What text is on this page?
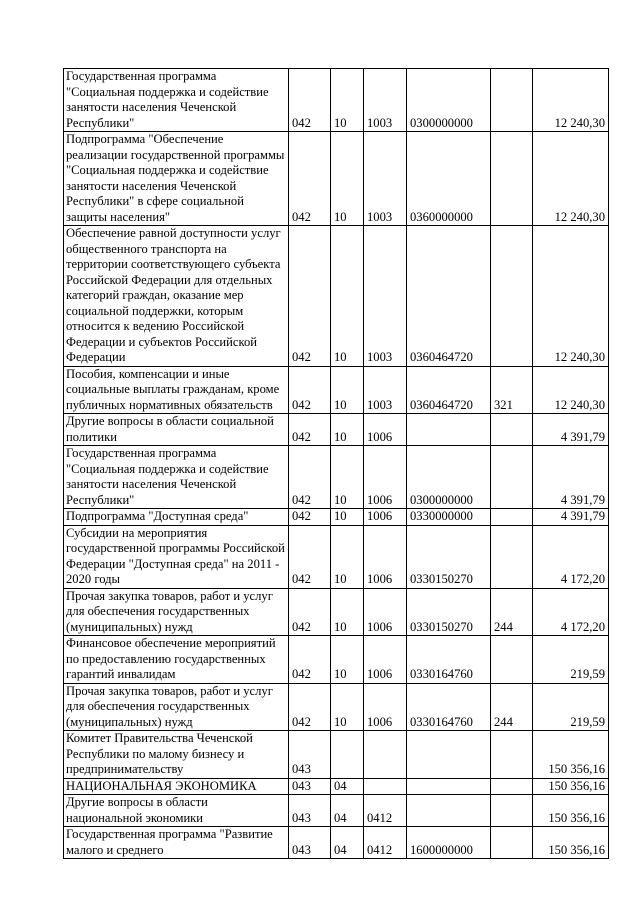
Государственная программа "Социальная поддержка и содействие занятости населения Чеченской Республики"	042	10	1003	0300000000		12 240,30
Подпрограмма "Обеспечение реализации государственной программы "Социальная поддержка и содействие занятости населения Чеченской Республики" в сфере социальной защиты населения"	042	10	1003	0360000000		12 240,30
Обеспечение равной доступности услуг общественного транспорта на территории соответствующего субъекта Российской Федерации для отдельных категорий граждан, оказание мер социальной поддержки, которым относится к ведению Российской Федерации и субъектов Российской Федерации	042	10	1003	0360464720		12 240,30
Пособия, компенсации и иные социальные выплаты гражданам, кроме публичных нормативных обязательств	042	10	1003	0360464720	321	12 240,30
Другие вопросы в области социальной политики	042	10	1006			4 391,79
Государственная программа "Социальная поддержка и содействие занятости населения Чеченской Республики"	042	10	1006	0300000000		4 391,79
Подпрограмма "Доступная среда"	042	10	1006	0330000000		4 391,79
Субсидии на мероприятия государственной программы Российской Федерации "Доступная среда" на 2011 - 2020 годы	042	10	1006	0330150270		4 172,20
Прочая закупка товаров, работ и услуг для обеспечения государственных (муниципальных) нужд	042	10	1006	0330150270	244	4 172,20
Финансовое обеспечение мероприятий по предоставлению государственных гарантий инвалидам	042	10	1006	0330164760		219,59
Прочая закупка товаров, работ и услуг для обеспечения государственных (муниципальных) нужд	042	10	1006	0330164760	244	219,59
Комитет Правительства Чеченской Республики по малому бизнесу и предпринимательству	043					150 356,16
НАЦИОНАЛЬНАЯ ЭКОНОМИКА	043	04				150 356,16
Другие вопросы в области национальной экономики	043	04	0412			150 356,16
Государственная программа "Развитие малого и среднего	043	04	0412	1600000000		150 356,16
